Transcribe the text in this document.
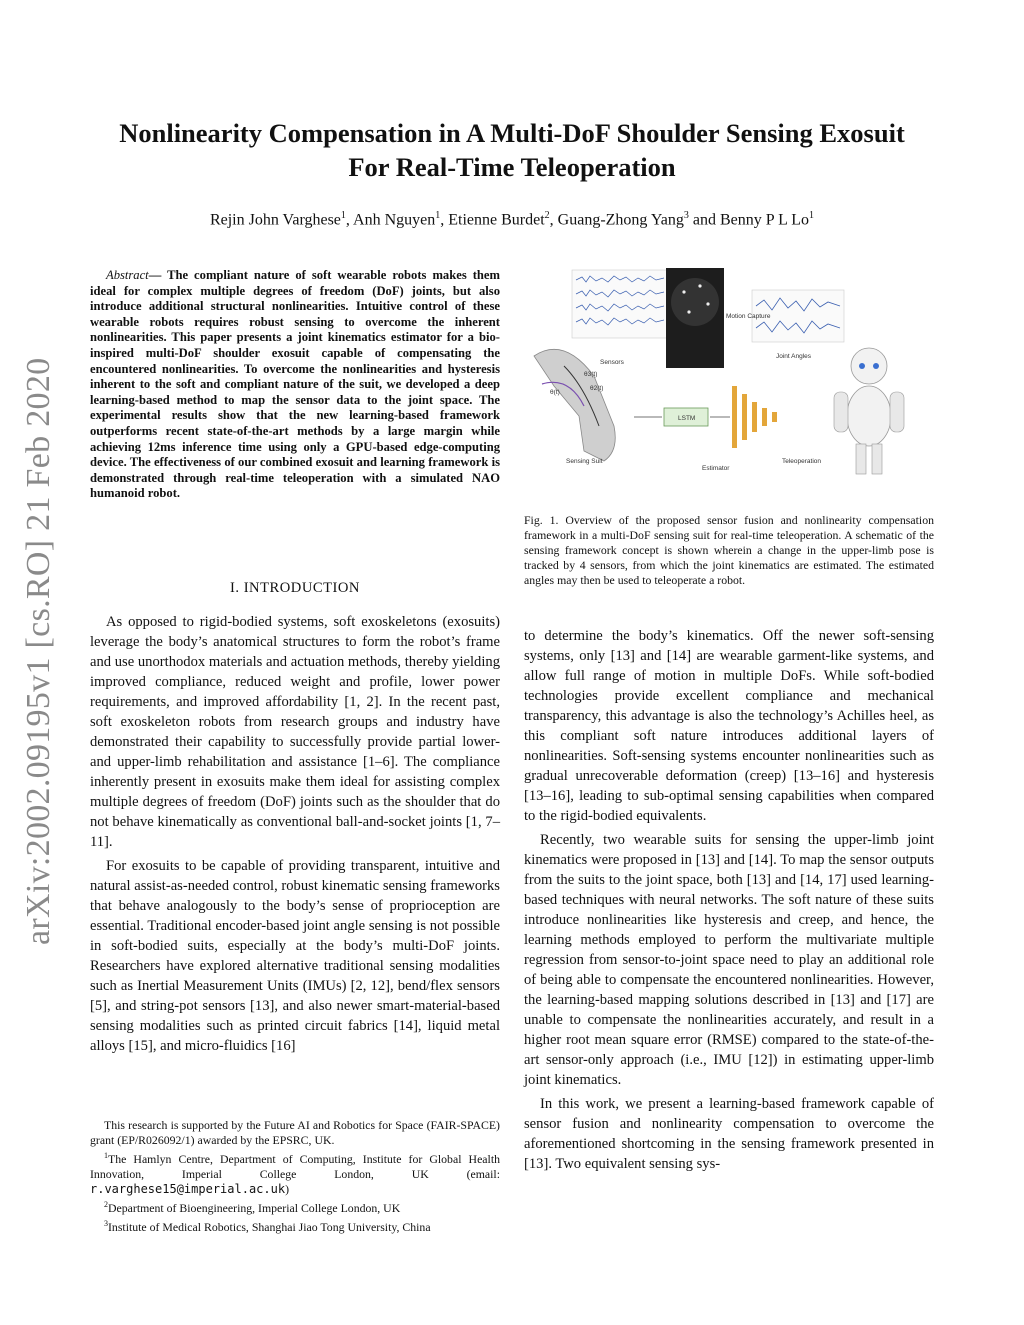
arXiv:2002.09195v1 [cs.RO] 21 Feb 2020
Nonlinearity Compensation in A Multi-DoF Shoulder Sensing Exosuit
For Real-Time Teleoperation
Rejin John Varghese$^1$, Anh Nguyen$^1$, Etienne Burdet$^2$, Guang-Zhong Yang$^3$ and Benny P L Lo$^1$
Abstract— The compliant nature of soft wearable robots makes them ideal for complex multiple degrees of freedom (DoF) joints, but also introduce additional structural nonlinearities. Intuitive control of these wearable robots requires robust sensing to overcome the inherent nonlinearities. This paper presents a joint kinematics estimator for a bio-inspired multi-DoF shoulder exosuit capable of compensating the encountered nonlinearities. To overcome the nonlinearities and hysteresis inherent to the soft and compliant nature of the suit, we developed a deep learning-based method to map the sensor data to the joint space. The experimental results show that the new learning-based framework outperforms recent state-of-the-art methods by a large margin while achieving 12ms inference time using only a GPU-based edge-computing device. The effectiveness of our combined exosuit and learning framework is demonstrated through real-time teleoperation with a simulated NAO humanoid robot.
I. INTRODUCTION

As opposed to rigid-bodied systems, soft exoskeletons (exosuits) leverage the body’s anatomical structures to form the robot’s frame and use unorthodox materials and actuation methods, thereby yielding improved compliance, reduced weight and profile, lower power requirements, and improved affordability [1, 2]. In the recent past, soft exoskeleton robots from research groups and industry have demonstrated their capability to successfully provide partial lower- and upper-limb rehabilitation and assistance [1–6]. The compliance inherently present in exosuits make them ideal for assisting complex multiple degrees of freedom (DoF) joints such as the shoulder that do not behave kinematically as conventional ball-and-socket joints [1, 7–11].

For exosuits to be capable of providing transparent, intuitive and natural assist-as-needed control, robust kinematic sensing frameworks that behave analogously to the body’s sense of proprioception are essential. Traditional encoder-based joint angle sensing is not possible in soft-bodied suits, especially at the body’s multi-DoF joints. Researchers have explored alternative traditional sensing modalities such as Inertial Measurement Units (IMUs) [2, 12], bend/flex sensors [5], and string-pot sensors [13], and also newer smart-material-based sensing modalities such as printed circuit fabrics [14], liquid metal alloys [15], and micro-fluidics [16]

This research is supported by the Future AI and Robotics for Space (FAIR-SPACE) grant (EP/R026092/1) awarded by the EPSRC, UK.

$^1$The Hamlyn Centre, Department of Computing, Institute for Global Health Innovation, Imperial College London, UK (email: r.varghese15@imperial.ac.uk)

$^2$Department of Bioengineering, Imperial College London, UK

$^3$Institute of Medical Robotics, Shanghai Jiao Tong University, China

Motion Capture
Joint Angles
Sensors
LSTM
Sensing Suit
Estimator
Teleoperation
θ(t)
θ2(t)
θ3(t)

Fig. 1. Overview of the proposed sensor fusion and nonlinearity compensation framework in a multi-DoF sensing suit for real-time teleoperation. A schematic of the sensing framework concept is shown wherein a change in the upper-limb pose is tracked by 4 sensors, from which the joint kinematics are estimated. The estimated angles may then be used to teleoperate a robot.

to determine the body’s kinematics. Off the newer soft-sensing systems, only [13] and [14] are wearable garment-like systems, and allow full range of motion in multiple DoFs. While soft-bodied technologies provide excellent compliance and mechanical transparency, this advantage is also the technology’s Achilles heel, as this compliant soft nature introduces additional layers of nonlinearities. Soft-sensing systems encounter nonlinearities such as gradual unrecoverable deformation (creep) [13–16] and hysteresis [13–16], leading to sub-optimal sensing capabilities when compared to the rigid-bodied equivalents.

Recently, two wearable suits for sensing the upper-limb joint kinematics were proposed in [13] and [14]. To map the sensor outputs from the suits to the joint space, both [13] and [14, 17] used learning-based techniques with neural networks. The soft nature of these suits introduce nonlinearities like hysteresis and creep, and hence, the learning methods employed to perform the multivariate multiple regression from sensor-to-joint space need to play an additional role of being able to compensate the encountered nonlinearities. However, the learning-based mapping solutions described in [13] and [17] are unable to compensate the nonlinearities accurately, and result in a higher root mean square error (RMSE) compared to the state-of-the-art sensor-only approach (i.e., IMU [12]) in estimating upper-limb joint kinematics.

In this work, we present a learning-based framework capable of sensor fusion and nonlinearity compensation to overcome the aforementioned shortcoming in the sensing framework presented in [13]. Two equivalent sensing sys-
